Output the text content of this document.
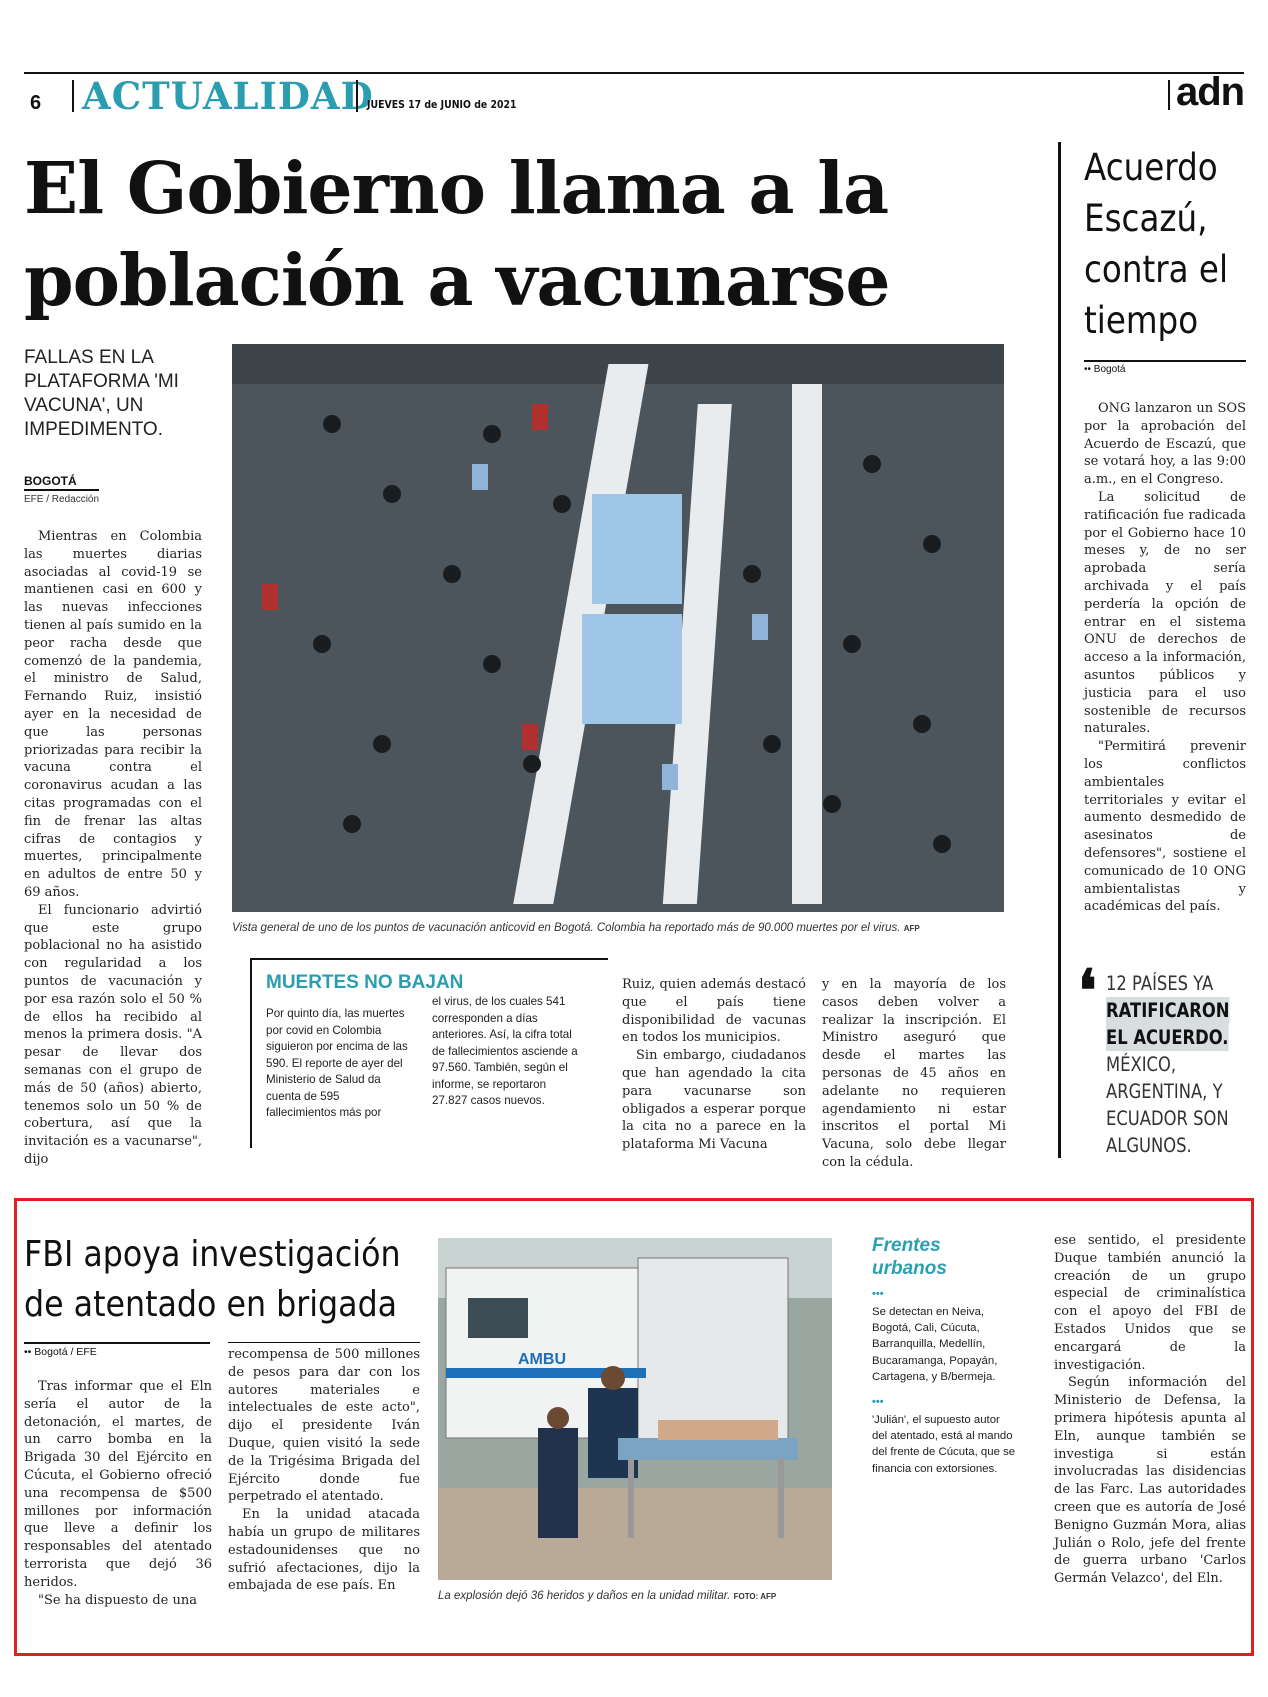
6 ACTUALIDAD
JUEVES 17 de JUNIO de 2021	adn
El Gobierno llama a la
población a vacunarse
FALLAS EN LA PLATAFORMA 'MI VACUNA', UN IMPEDIMENTO.
BOGOTÁ
EFE / Redacción

Mientras en Colombia las muertes diarias asociadas al covid-19 se mantienen casi en 600 y las nuevas infecciones tienen al país sumido en la peor racha desde que comenzó de la pandemia, el ministro de Salud, Fernando Ruiz, insistió ayer en la necesidad de que las personas priorizadas para recibir la vacuna contra el coronavirus acudan a las citas programadas con el fin de frenar las altas cifras de contagios y muertes, principalmente en adultos de entre 50 y 69 años.

El funcionario advirtió que este grupo poblacional no ha asistido con regularidad a los puntos de vacunación y por esa razón solo el 50 % de ellos ha recibido al menos la primera dosis. "A pesar de llevar dos semanas con el grupo de más de 50 (años) abierto, tenemos solo un 50 % de cobertura, así que la invitación es a vacunarse", dijo

Vista general de uno de los puntos de vacunación anticovid en Bogotá. Colombia ha reportado más de 90.000 muertes por el virus. AFP
MUERTES NO BAJAN
Por quinto día, las muertes por covid en Colombia siguieron por encima de las 590. El reporte de ayer del Ministerio de Salud da cuenta de 595 fallecimientos más por
el virus, de los cuales 541 corresponden a días anteriores. Así, la cifra total de fallecimientos asciende a 97.560. También, según el informe, se reportaron 27.827 casos nuevos.

Ruiz, quien además destacó que el país tiene disponibilidad de vacunas en todos los municipios.

Sin embargo, ciudadanos que han agendado la cita para vacunarse son obligados a esperar porque la cita no a parece en la plataforma Mi Vacuna

y en la mayoría de los casos deben volver a realizar la inscripción. El Ministro aseguró que desde el martes las personas de 45 años en adelante no requieren agendamiento ni estar inscritos el portal Mi Vacuna, solo debe llegar con la cédula.

Acuerdo Escazú, contra el tiempo
•• Bogotá

ONG lanzaron un SOS por la aprobación del Acuerdo de Escazú, que se votará hoy, a las 9:00 a.m., en el Congreso.

La solicitud de ratificación fue radicada por el Gobierno hace 10 meses y, de no ser aprobada sería archivada y el país perdería la opción de entrar en el sistema ONU de derechos de acceso a la información, asuntos públicos y justicia para el uso sostenible de recursos naturales.

"Permitirá prevenir los conflictos ambientales territoriales y evitar el aumento desmedido de asesinatos de defensores", sostiene el comunicado de 10 ONG ambientalistas y académicas del país.

❛ 12 PAÍSES YA
RATIFICARON EL ACUERDO.
MÉXICO, ARGENTINA, Y ECUADOR SON ALGUNOS.
FBI apoya investigación
de atentado en brigada
•• Bogotá / EFE

Tras informar que el Eln sería el autor de la detonación, el martes, de un carro bomba en la Brigada 30 del Ejército en Cúcuta, el Gobierno ofreció una recompensa de $500 millones por información que lleve a definir los responsables del atentado terrorista que dejó 36 heridos.

"Se ha dispuesto de una

recompensa de 500 millones de pesos para dar con los autores materiales e intelectuales de este acto", dijo el presidente Iván Duque, quien visitó la sede de la Trigésima Brigada del Ejército donde fue perpetrado el atentado.

En la unidad atacada había un grupo de militares estadounidenses que no sufrió afectaciones, dijo la embajada de ese país. En

AMBU
La explosión dejó 36 heridos y daños en la unidad militar. FOTO: AFP
Frentes urbanos
•••
Se detectan en Neiva, Bogotá, Cali, Cúcuta, Barranquilla, Medellín, Bucaramanga, Popayán, Cartagena, y B/bermeja.
•••
'Julián', el supuesto autor del atentado, está al mando del frente de Cúcuta, que se financia con extorsiones.

ese sentido, el presidente Duque también anunció la creación de un grupo especial de criminalística con el apoyo del FBI de Estados Unidos que se encargará de la investigación.

Según información del Ministerio de Defensa, la primera hipótesis apunta al Eln, aunque también se investiga si están involucradas las disidencias de las Farc. Las autoridades creen que es autoría de José Benigno Guzmán Mora, alias Julián o Rolo, jefe del frente de guerra urbano 'Carlos Germán Velazco', del Eln.
